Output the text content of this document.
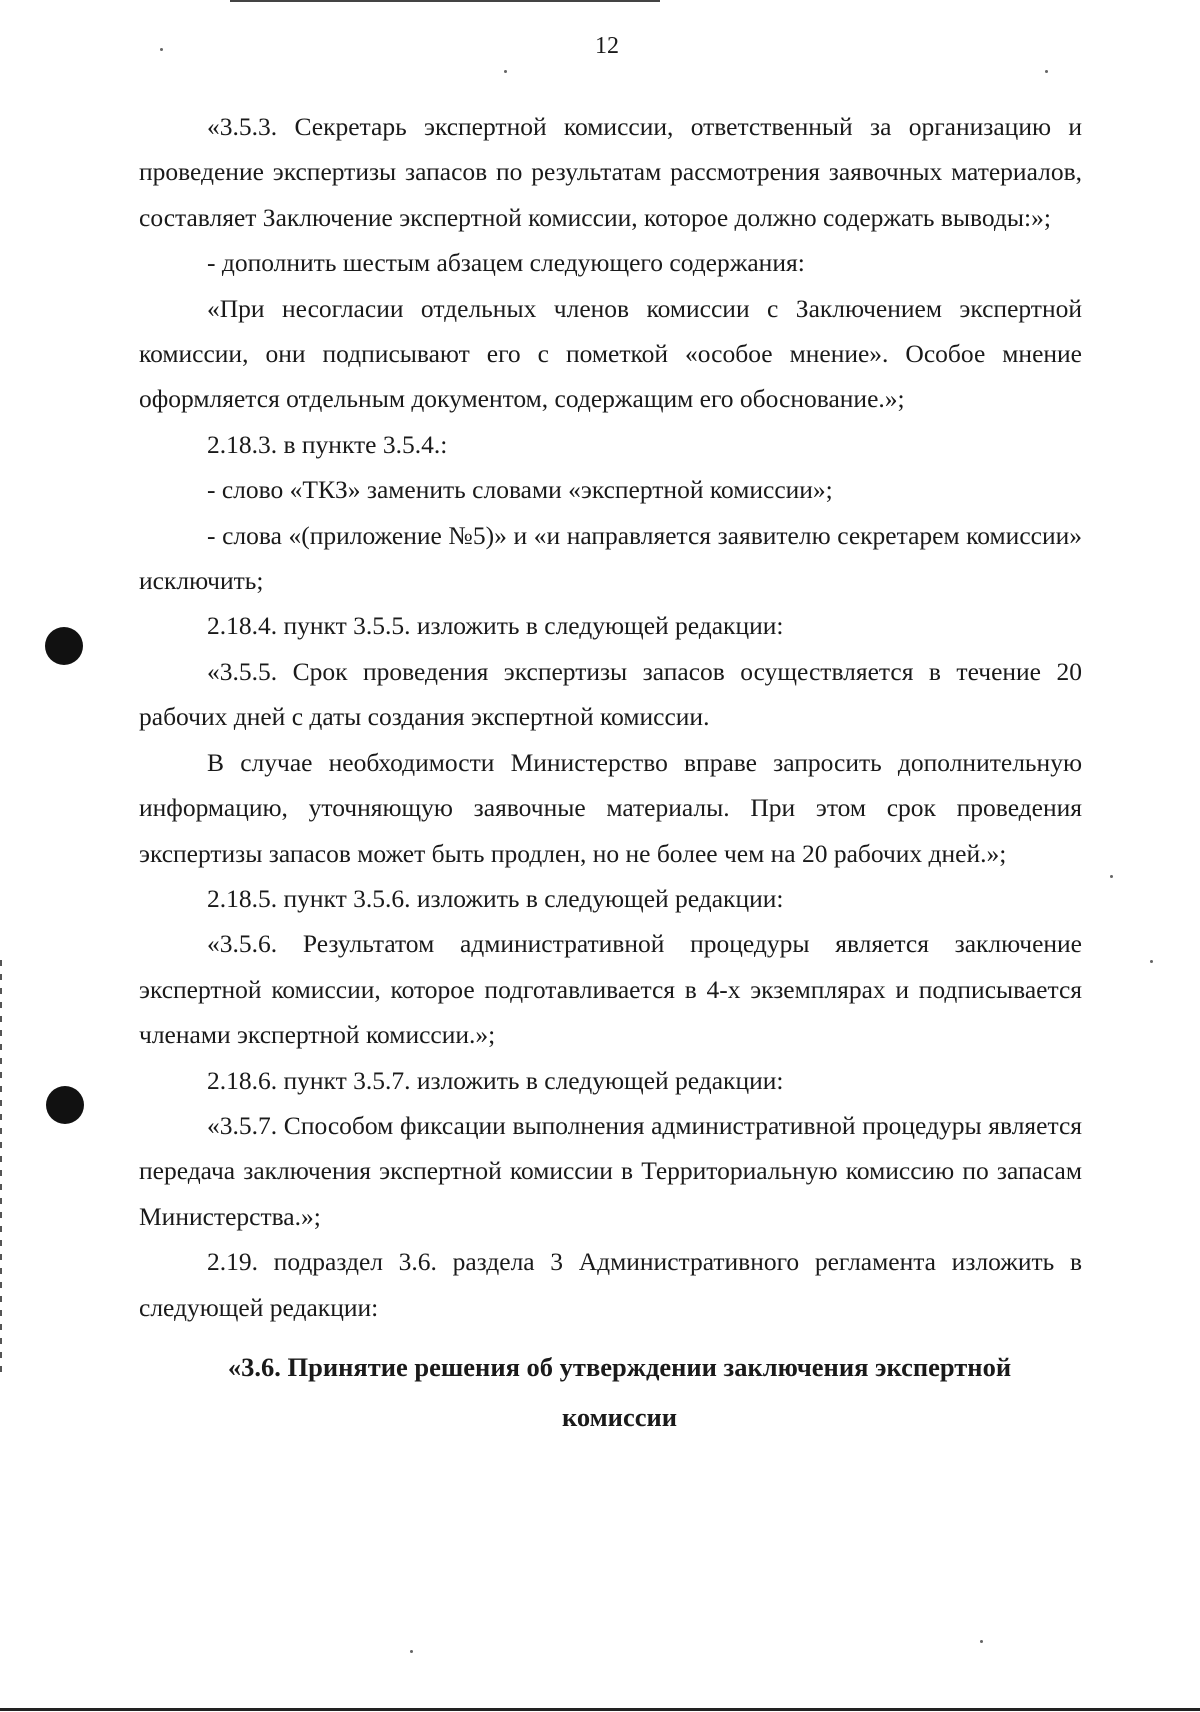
12

«3.5.3. Секретарь экспертной комиссии, ответственный за организацию и проведение экспертизы запасов по результатам рассмотрения заявочных материалов, составляет Заключение экспертной комиссии, которое должно содержать выводы:»;

- дополнить шестым абзацем следующего содержания:

«При несогласии отдельных членов комиссии с Заключением экспертной комиссии, они подписывают его с пометкой «особое мнение». Особое мнение оформляется отдельным документом, содержащим его обоснование.»;

2.18.3. в пункте 3.5.4.:

- слово «ТКЗ» заменить словами «экспертной комиссии»;

- слова «(приложение №5)» и «и направляется заявителю секретарем комиссии» исключить;

2.18.4. пункт 3.5.5. изложить в следующей редакции:

«3.5.5. Срок проведения экспертизы запасов осуществляется в течение 20 рабочих дней с даты создания экспертной комиссии.

В случае необходимости Министерство вправе запросить дополнительную информацию, уточняющую заявочные материалы. При этом срок проведения экспертизы запасов может быть продлен, но не более чем на 20 рабочих дней.»;

2.18.5. пункт 3.5.6. изложить в следующей редакции:

«3.5.6. Результатом административной процедуры является заключение экспертной комиссии, которое подготавливается в 4-х экземплярах и подписывается членами экспертной комиссии.»;

2.18.6. пункт 3.5.7. изложить в следующей редакции:

«3.5.7. Способом фиксации выполнения административной процедуры является передача заключения экспертной комиссии в Территориальную комиссию по запасам Министерства.»;

2.19. подраздел 3.6. раздела 3 Административного регламента изложить в следующей редакции:

«3.6. Принятие решения об утверждении заключения экспертной
комиссии
